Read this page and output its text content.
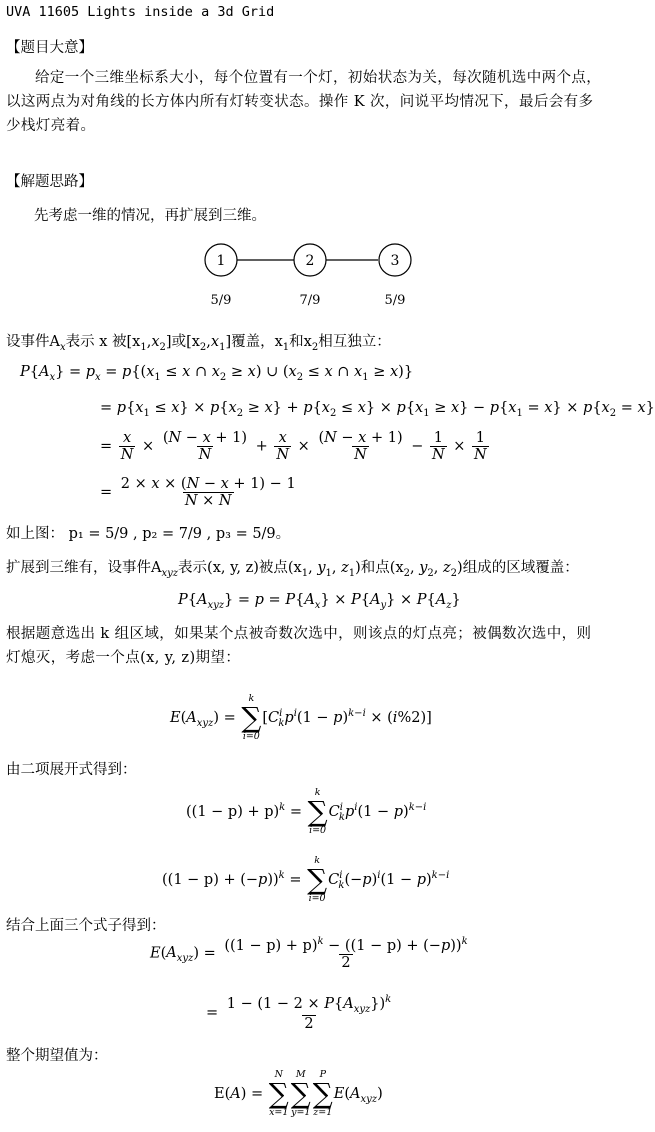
UVA 11605 Lights inside a 3d Grid
【题目大意】
给定一个三维坐标系大小，每个位置有一个灯，初始状态为关，每次随机选中两个点，以这两点为对角线的长方体内所有灯转变状态。操作 K 次，问说平均情况下，最后会有多少栈灯亮着。
【解题思路】
先考虑一维的情况，再扩展到三维。
1	2	3
5/9	7/9	5/9
设事件$A_x$表示 x 被$[x_1,x_2]$或$[x_2,x_1]$覆盖，$x_1$和$x_2$相互独立：
$P\{A_x\} = p_x = p\{(x_1 \le x$ ∩ $x_2 \ge x$) ∪ ($x_2 \le x$ ∩ $x_1 \ge x$)}
= $p\{x_1 \le x\} \times p\{x_2 \ge x\} + p\{x_2 \le x\} \times p\{x_1 \ge x\} - p\{x_1 = x\} \times p\{x_2 = x\}$
= $\frac{x}{N} \times \frac{(N - x + 1)}{N} + \frac{x}{N} \times \frac{(N - x + 1)}{N} - \frac{1}{N} \times \frac{1}{N}$
= $\frac{2 \times x \times (N - x + 1) - 1}{N \times N}$
如上图： p₁ = 5/9 , p₂ = 7/9 , p₃ = 5/9。
扩展到三维有，设事件$A_{xyz}$表示(x, y, z)被点($x_1$, $y_1$, $z_1$)和点($x_2$, $y_2$, $z_2$)组成的区域覆盖：
$P\{A_{xyz}\} = p = P\{A_x\} \times P\{A_y\} \times P\{A_z\}$
根据题意选出 k 组区域，如果某个点被奇数次选中，则该点的灯点亮；被偶数次选中，则灯熄灭，考虑一个点(x, y, z)期望：
$E(A_{xyz})$ =
k
∑
i=0
$[C^i_kp^i(1 - p)^{k-i} \times (i\%2)]$
由二项展开式得到：
$((1 - p) + p)^k$ =
k
∑
i=0
$C^i_kp^i(1 - p)^{k-i}$
$((1 - p) + (-p))^k$ =
k
∑
i=0
$C^i_k(-p)^i(1 - p)^{k-i}$
结合上面三个式子得到：
$E(A_{xyz}) = \frac{((1 - p) + p)^k - ((1 - p) + (-p))^k}{2}$
= $\frac{1 - (1 - 2 \times P\{A_{xyz}\})^k}{2}$
整个期望值为：
E(A) =
N
∑
x=1
M
∑
y=1
P
∑
z=1
$E(A_{xyz})$
